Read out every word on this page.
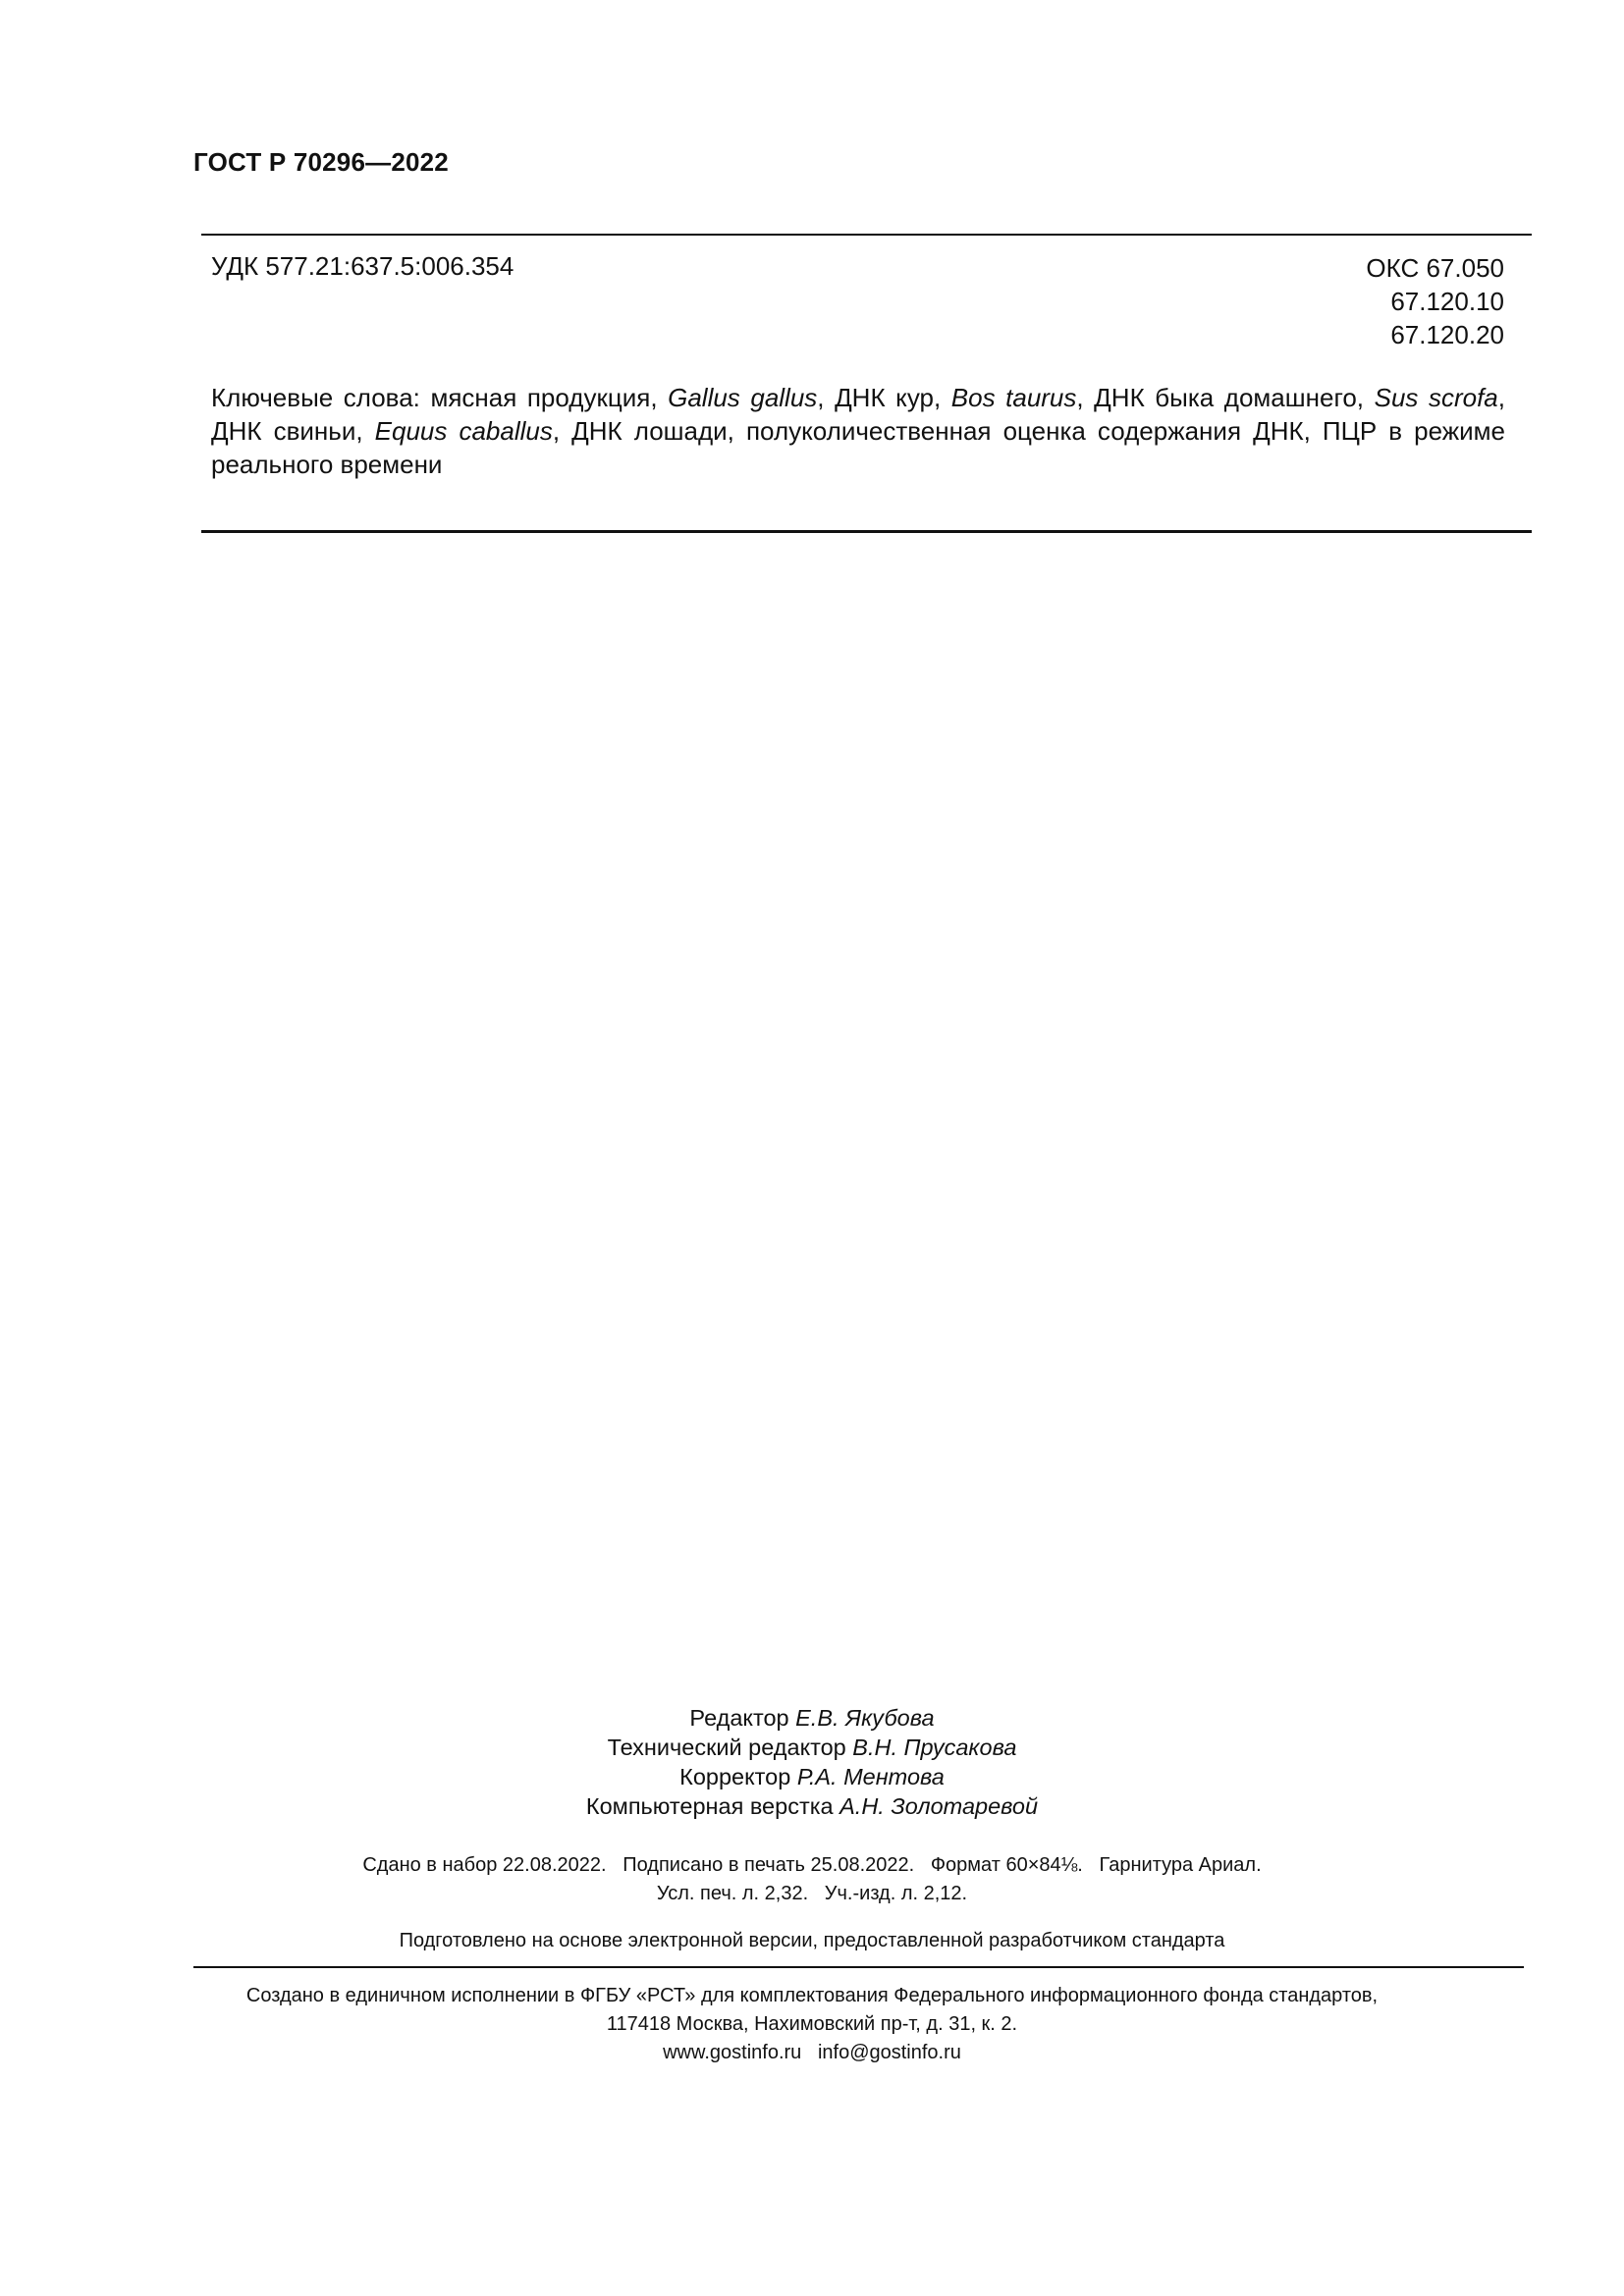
ГОСТ Р 70296—2022
УДК 577.21:637.5:006.354	ОКС 67.050
67.120.10
67.120.20
Ключевые слова: мясная продукция, Gallus gallus, ДНК кур, Bos taurus, ДНК быка домашнего, Sus scrofa, ДНК свиньи, Equus caballus, ДНК лошади, полуколичественная оценка содержания ДНК, ПЦР в режиме реального времени
Редактор Е.В. Якубова
Технический редактор В.Н. Прусакова
Корректор Р.А. Ментова
Компьютерная верстка А.Н. Золотаревой
Сдано в набор 22.08.2022.   Подписано в печать 25.08.2022.   Формат 60×84⅛.   Гарнитура Ариал.
Усл. печ. л. 2,32.   Уч.-изд. л. 2,12.
Подготовлено на основе электронной версии, предоставленной разработчиком стандарта
Создано в единичном исполнении в ФГБУ «РСТ» для комплектования Федерального информационного фонда стандартов,
117418 Москва, Нахимовский пр-т, д. 31, к. 2.
www.gostinfo.ru   info@gostinfo.ru
